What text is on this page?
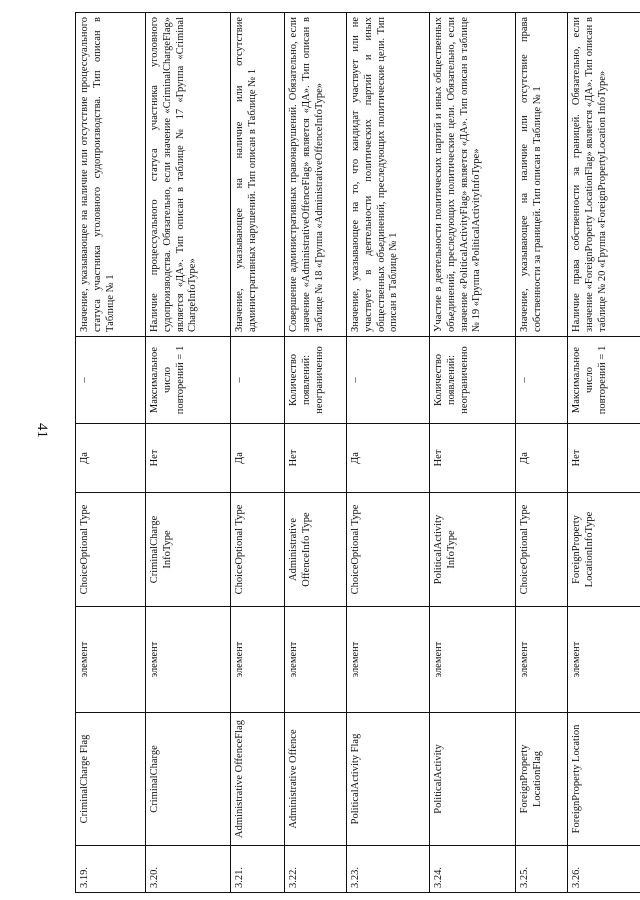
41
3.19.	CriminalCharge Flag	элемент	ChoiceOptional Type	Да	–	Значение, указывающее на наличие или отсутствие процессуального статуса участника уголовного судопроизводства. Тип описан в Таблице № 1
3.20.	CriminalCharge	элемент	CriminalCharge InfoType	Нет	Максимальное число повторений = 1	Наличие процессуального статуса участника уголовного судопроизводства. Обязательно, если значение «CriminalChargeFlag» является «ДА». Тип описан в таблице № 17 «Группа «Criminal ChargeInfoType»
3.21.	Administrative OffenceFlag	элемент	ChoiceOptional Type	Да	–	Значение, указывающее на наличие или отсутствие административных нарушений. Тип описан в Таблице № 1
3.22.	Administrative Offence	элемент	Administrative OffenceInfo Type	Нет	Количество появлений: неограниченно	Совершение административных правонарушений. Обязательно, если значение «AdministrativeOffenceFlag» является «ДА». Тип описан в таблице № 18 «Группа «AdministrativeOffenceInfoType»
3.23.	PoliticalActivity Flag	элемент	ChoiceOptional Type	Да	–	Значение, указывающее на то, что кандидат участвует или не участвует в деятельности политических партий и иных общественных объединений, преследующих политические цели. Тип описан в Таблице № 1
3.24.	PoliticalActivity	элемент	PoliticalActivity InfoType	Нет	Количество появлений: неограниченно	Участие в деятельности политических партий и иных общественных объединений, преследующих политические цели. Обязательно, если значение «PoliticalActivityFlag» является «ДА». Тип описан в таблице № 19 «Группа «PoliticalActivityInfoType»
3.25.	ForeignProperty LocationFlag	элемент	ChoiceOptional Type	Да	–	Значение, указывающее на наличие или отсутствие права собственности за границей. Тип описан в Таблице № 1
3.26.	ForeignProperty Location	элемент	ForeignProperty LocationInfoType	Нет	Максимальное число повторений = 1	Наличие права собственности за границей. Обязательно, если значение «ForeignProperty LocationFlag» является «ДА». Тип описан в таблице № 20 «Группа «ForeignPropertyLocation InfoType»
